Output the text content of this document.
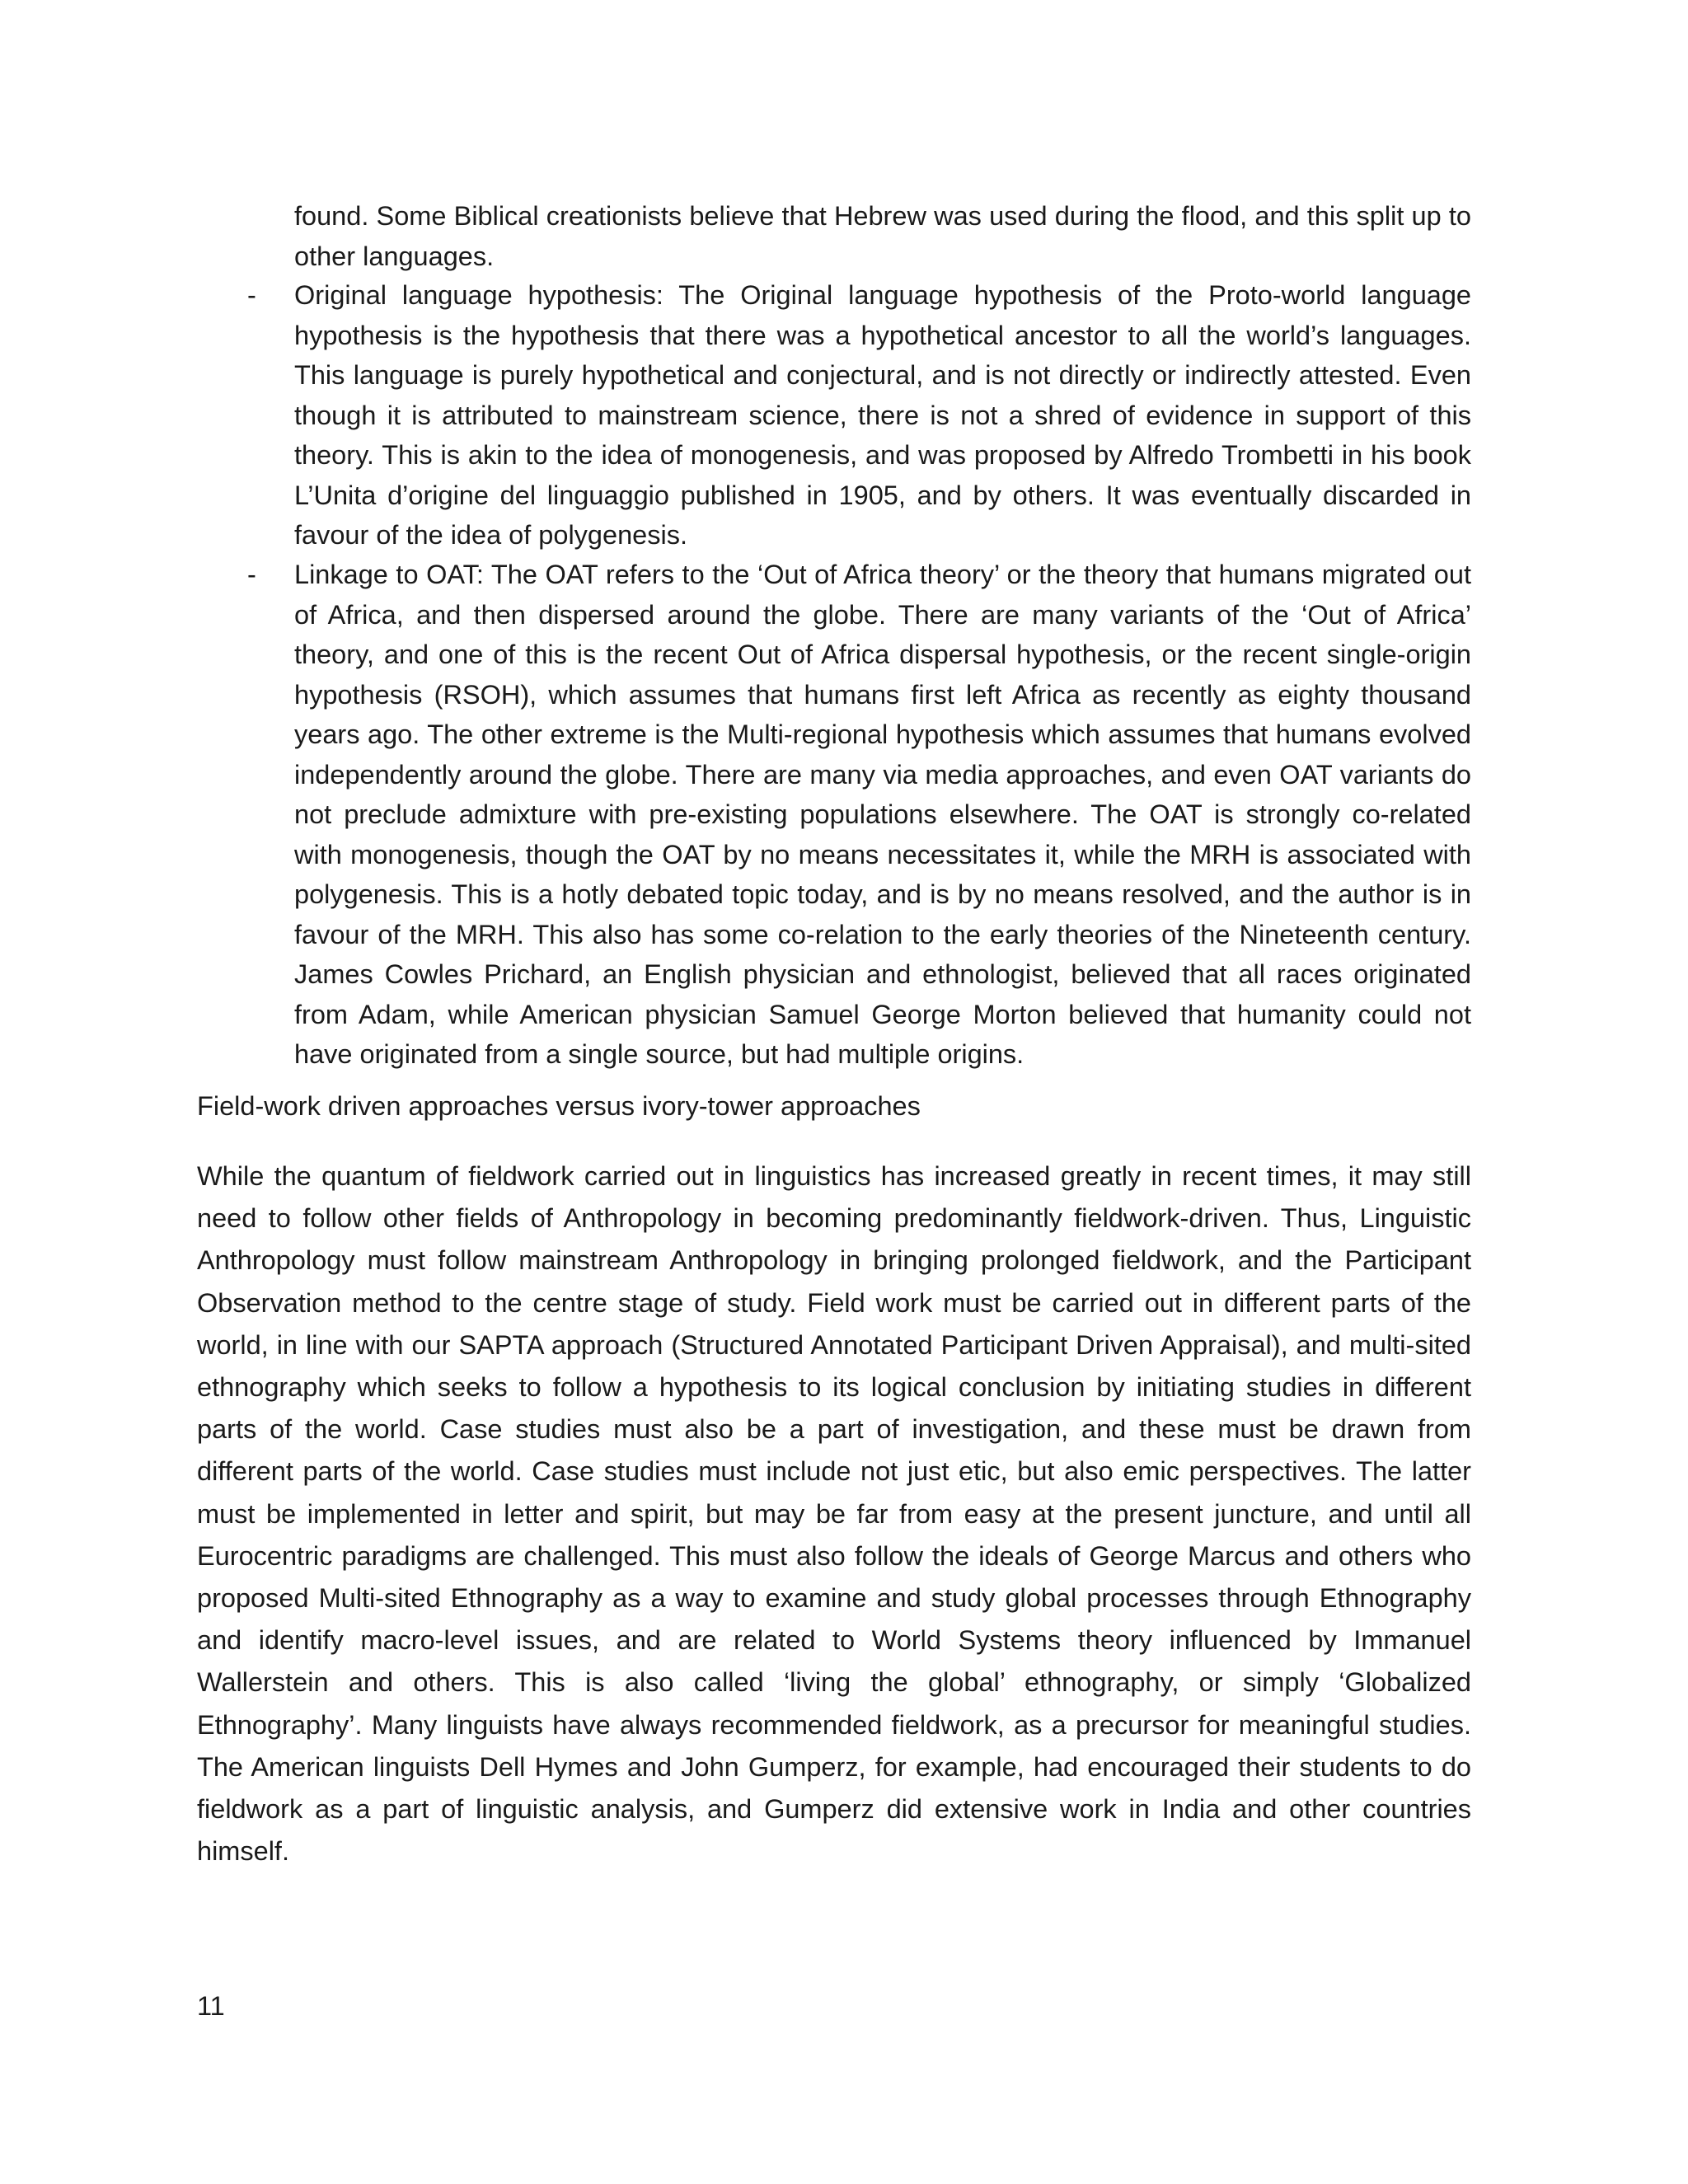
found. Some Biblical creationists believe that Hebrew was used during the flood, and this split up to other languages.
- Original language hypothesis: The Original language hypothesis of the Proto-world language hypothesis is the hypothesis that there was a hypothetical ancestor to all the world’s languages. This language is purely hypothetical and conjectural, and is not directly or indirectly attested. Even though it is attributed to mainstream science, there is not a shred of evidence in support of this theory. This is akin to the idea of monogenesis, and was proposed by Alfredo Trombetti in his book L’Unita d’origine del linguaggio published in 1905, and by others. It was eventually discarded in favour of the idea of polygenesis.
- Linkage to OAT: The OAT refers to the ‘Out of Africa theory’ or the theory that humans migrated out of Africa, and then dispersed around the globe. There are many variants of the ‘Out of Africa’ theory, and one of this is the recent Out of Africa dispersal hypothesis, or the recent single-origin hypothesis (RSOH), which assumes that humans first left Africa as recently as eighty thousand years ago. The other extreme is the Multi-regional hypothesis which assumes that humans evolved independently around the globe. There are many via media approaches, and even OAT variants do not preclude admixture with pre-existing populations elsewhere. The OAT is strongly co-related with monogenesis, though the OAT by no means necessitates it, while the MRH is associated with polygenesis. This is a hotly debated topic today, and is by no means resolved, and the author is in favour of the MRH. This also has some co-relation to the early theories of the Nineteenth century. James Cowles Prichard, an English physician and ethnologist, believed that all races originated from Adam, while American physician Samuel George Morton believed that humanity could not have originated from a single source, but had multiple origins.
Field-work driven approaches versus ivory-tower approaches
While the quantum of fieldwork carried out in linguistics has increased greatly in recent times, it may still need to follow other fields of Anthropology in becoming predominantly fieldwork-driven. Thus, Linguistic Anthropology must follow mainstream Anthropology in bringing prolonged fieldwork, and the Participant Observation method to the centre stage of study. Field work must be carried out in different parts of the world, in line with our SAPTA approach (Structured Annotated Participant Driven Appraisal), and multi-sited ethnography which seeks to follow a hypothesis to its logical conclusion by initiating studies in different parts of the world. Case studies must also be a part of investigation, and these must be drawn from different parts of the world. Case studies must include not just etic, but also emic perspectives. The latter must be implemented in letter and spirit, but may be far from easy at the present juncture, and until all Eurocentric paradigms are challenged. This must also follow the ideals of George Marcus and others who proposed Multi-sited Ethnography as a way to examine and study global processes through Ethnography and identify macro-level issues, and are related to World Systems theory influenced by Immanuel Wallerstein and others. This is also called ‘living the global’ ethnography, or simply ‘Globalized Ethnography’. Many linguists have always recommended fieldwork, as a precursor for meaningful studies. The American linguists Dell Hymes and John Gumperz, for example, had encouraged their students to do fieldwork as a part of linguistic analysis, and Gumperz did extensive work in India and other countries himself.
11
